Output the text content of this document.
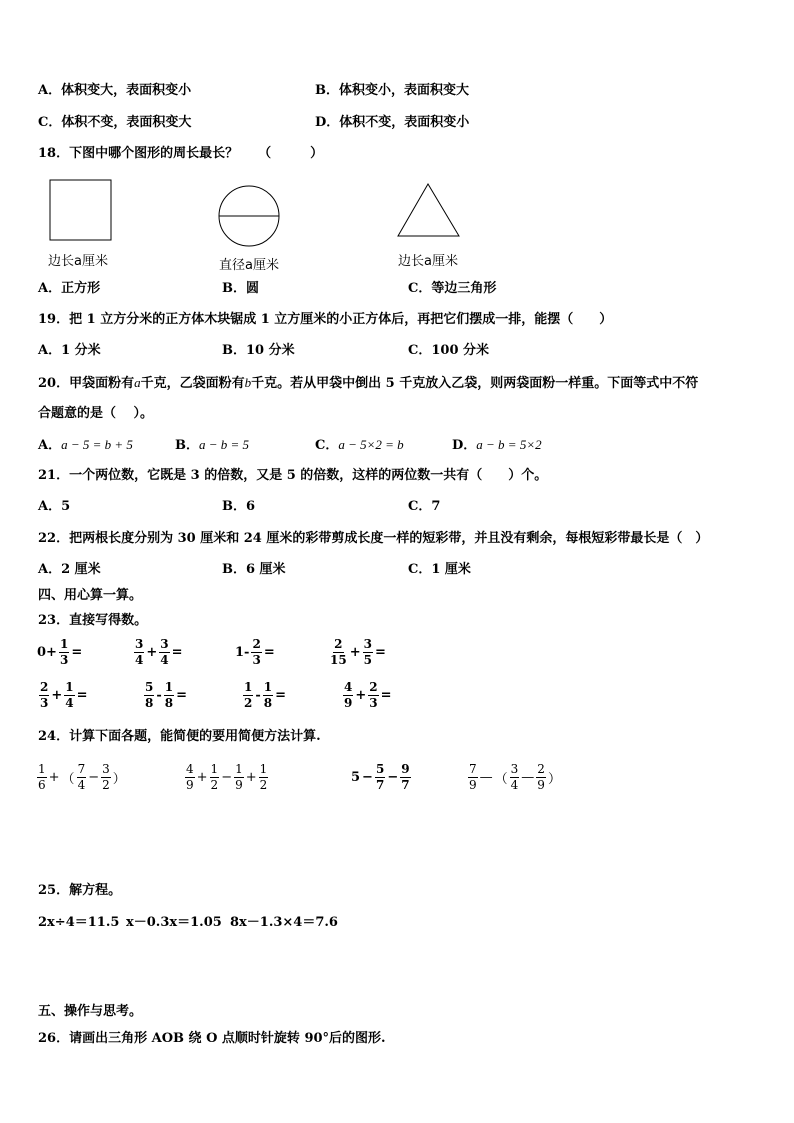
A．体积变大，表面积变小	B．体积变小，表面积变大
C．体积不变，表面积变大	D．体积不变，表面积变小
18．下图中哪个图形的周长最长？ （　　　）
边长a厘米	直径a厘米	边长a厘米
A．正方形	B．圆	C．等边三角形
19．把 1 立方分米的正方体木块锯成 1 立方厘米的小正方体后，再把它们摆成一排，能摆（　　）
A．1 分米	B．10 分米	C．100 分米
20．甲袋面粉有a千克，乙袋面粉有b千克。若从甲袋中倒出 5 千克放入乙袋，则两袋面粉一样重。下面等式中不符
合题意的是（　 ）。
A．a − 5 = b + 5	B．a − b = 5	C．a − 5×2 = b	D．a − b = 5×2
21．一个两位数，它既是 3 的倍数，又是 5 的倍数，这样的两位数一共有（　　）个。
A．5	B．6	C．7
22．把两根长度分别为 30 厘米和 24 厘米的彩带剪成长度一样的短彩带，并且没有剩余，每根短彩带最长是（　）
A．2 厘米	B．6 厘米	C．1 厘米
四、用心算一算。
23．直接写得数。
$0+ \frac{1}{3}$ =	$\frac{3}{4} + \frac{3}{4}$ =	$1- \frac{2}{3}$ =	$\frac{2}{15} + \frac{3}{5}$ =
$\frac{2}{3} + \frac{1}{4}$ =	$\frac{5}{8} - \frac{1}{8}$ =	$\frac{1}{2} - \frac{1}{8}$ =	$\frac{4}{9} + \frac{2}{3}$ =
24．计算下面各题，能简便的要用简便方法计算.
$\frac{1}{6}$ + （ $\frac{7}{4} - \frac{3}{2}$ ）	$\frac{4}{9} + \frac{1}{2} - \frac{1}{9} + \frac{1}{2}$	$5 - \frac{5}{7} - \frac{9}{7}$	$\frac{7}{9}$ — （ $\frac{3}{4}$ — $\frac{2}{9}$ ）
25．解方程。
2x÷4＝11.5 x－0.3x＝1.05 8x－1.3×4＝7.6
五、操作与思考。
26．请画出三角形 AOB 绕 O 点顺时针旋转 90°后的图形.
